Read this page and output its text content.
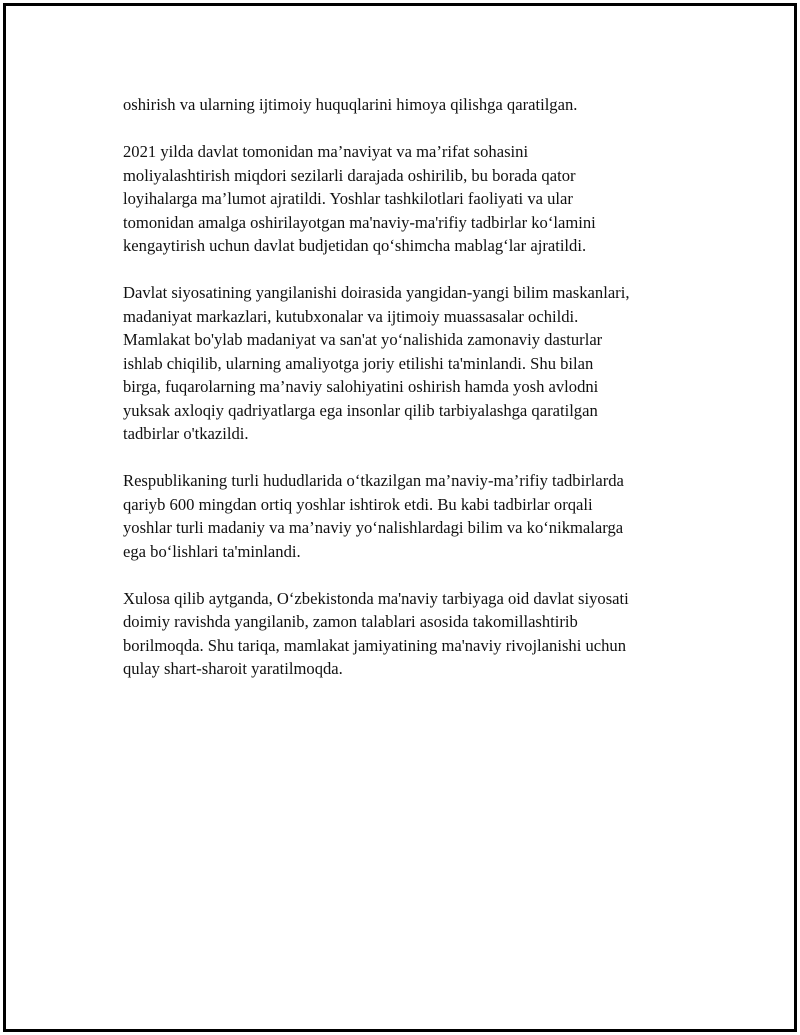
oshirish va ularning ijtimoiy huquqlarini himoya qilishga qaratilgan.

2021 yilda davlat tomonidan ma’naviyat va ma’rifat sohasini
moliyalashtirish miqdori sezilarli darajada oshirilib, bu borada qator
loyihalarga ma’lumot ajratildi. Yoshlar tashkilotlari faoliyati va ular
tomonidan amalga oshirilayotgan ma'naviy-ma'rifiy tadbirlar ko‘lamini
kengaytirish uchun davlat budjetidan qo‘shimcha mablag‘lar ajratildi.

Davlat siyosatining yangilanishi doirasida yangidan-yangi bilim maskanlari,
madaniyat markazlari, kutubxonalar va ijtimoiy muassasalar ochildi.
Mamlakat bo'ylab madaniyat va san'at yo‘nalishida zamonaviy dasturlar
ishlab chiqilib, ularning amaliyotga joriy etilishi ta'minlandi. Shu bilan
birga, fuqarolarning ma’naviy salohiyatini oshirish hamda yosh avlodni
yuksak axloqiy qadriyatlarga ega insonlar qilib tarbiyalashga qaratilgan
tadbirlar o'tkazildi.

Respublikaning turli hududlarida o‘tkazilgan ma’naviy-ma’rifiy tadbirlarda
qariyb 600 mingdan ortiq yoshlar ishtirok etdi. Bu kabi tadbirlar orqali
yoshlar turli madaniy va ma’naviy yo‘nalishlardagi bilim va ko‘nikmalarga
ega bo‘lishlari ta'minlandi.

Xulosa qilib aytganda, O‘zbekistonda ma'naviy tarbiyaga oid davlat siyosati
doimiy ravishda yangilanib, zamon talablari asosida takomillashtirib
borilmoqda. Shu tariqa, mamlakat jamiyatining ma'naviy rivojlanishi uchun
qulay shart-sharoit yaratilmoqda.
